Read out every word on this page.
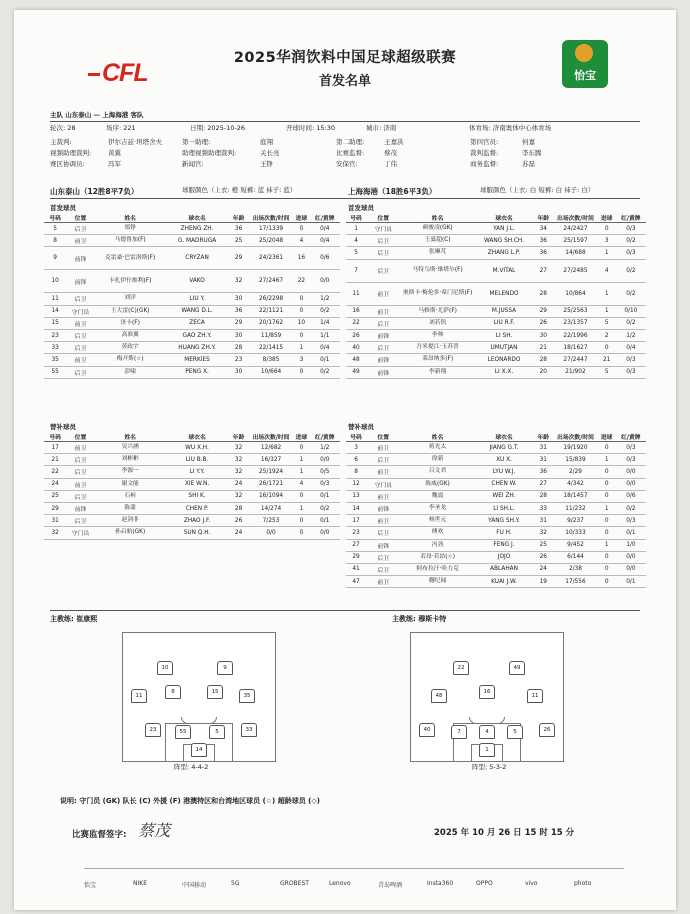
CFL
2025华润饮料中国足球超级联赛
首发名单	怡宝
主队 山东泰山 — 上海海港 客队
轮次: 28	场序: 221	日期: 2025-10-26	开球时间: 15:30	城市: 济南	体育场: 济南奥体中心体育场
主裁判:	伊尔吉兹·坦塔舍夫	第一助理:	庭翔	第二助理:	王嘉洪	第四官员:	何嘉
视频助理裁判:	黄翼	助理视频助理裁判:	关长亮	比赛监督:	蔡茂	裁判监督:	李东腾
赛区协调员:	冯军	新闻官:	王铮	安保官:	丁伟	商务监督:	苏磊
山东泰山（12胜8平7负）	球服颜色（上衣: 橙 短裤: 蓝 袜子: 蓝）	上海海港（18胜6平3负）	球服颜色（上衣: 白 短裤: 白 袜子: 白）
首发球员	首发球员
号码	位置	姓名	球衣名	年龄	出场次数/时间	进球	红/黄牌
5	后卫	郑铮	ZHENG ZH.	36	17/1339	0	0/4
8	前卫	马德鲁加(F)	G. MADRUGA	25	25/2048	4	0/4
9	前锋	克雷桑·巴雷洛斯(F)	CRYZAN	29	24/2361	16	0/6
10	前锋	卡扎伊什维利(F)	VAKO	32	27/2467	22	0/0
11	后卫	刘洋	LIU Y.	30	26/2298	0	1/2
14	守门员	王大雷(C)(GK)	WANG D.L.	36	22/1121	0	0/2
15	前卫	泽卡(F)	ZECA	29	20/1762	10	1/4
23	后卫	高准翼	GAO ZH.Y.	30	11/859	0	1/1
33	后卫	黄政宇	HUANG ZH.Y.	28	22/1415	1	0/4
35	前卫	梅开斯(☆)	MERKIES	23	8/385	3	0/1
55	后卫	彭啸	PENG X.	30	10/664	0	0/2
号码	位置	姓名	球衣名	年龄	出场次数/时间	进球	红/黄牌
1	守门员	颜骏凌(GK)	YAN J.L.	34	24/2427	0	0/3
4	后卫	王燊超(C)	WANG SH.CH.	36	25/1597	3	0/2
5	后卫	张琳芃	ZHANG L.P.	36	14/688	1	0/3
7	后卫	马特乌斯·维塔尔(F)	M.VITAL	27	27/2485	4	0/2
11	前卫	奥斯卡·梅伦多·希门尼斯(F)	MELENDO	28	10/864	1	0/2
16	前卫	马修斯·尤萨(F)	M.JUSSA	29	25/2563	1	0/10
22	后卫	刘若钒	LIU R.F.	26	23/1357	5	0/2
26	前锋	李帅	LI SH.	30	22/1996	2	1/2
40	后卫	吾米提江·玉苏普	UMUTJAN	21	18/1627	0	0/4
48	前锋	莱昂纳多(F)	LEONARDO	28	27/2447	21	0/3
49	前锋	李新翔	LI X.X.	20	21/902	5	0/3
替补球员	替补球员
号码	位置	姓名	球衣名	年龄	出场次数/时间	进球	红/黄牌
17	前卫	吴兴涵	WU X.H.	32	12/682	0	1/2
21	后卫	刘彬彬	LIU B.B.	32	16/327	1	0/0
22	后卫	李源一	LI Y.Y.	32	25/1924	1	0/5
24	前卫	谢文能	XIE W.N.	24	26/1721	4	0/3
25	后卫	石柯	SHI K.	32	16/1094	0	0/1
29	前锋	陈蒲	CHEN P.	28	14/274	1	0/2
31	后卫	赵剑非	ZHAO J.F.	26	7/253	0	0/1
32	守门员	孙启航(GK)	SUN Q.H.	24	0/0	0	0/0
号码	位置	姓名	球衣名	年龄	出场次数/时间	进球	红/黄牌
3	前卫	蒋光太	JIANG G.T.	31	19/1920	0	0/3
6	后卫	徐新	XU X.	31	15/839	1	0/3
8	前卫	吕文君	LYU W.J.	36	2/29	0	0/0
12	守门员	陈威(GK)	CHEN W.	27	4/342	0	0/0
13	前卫	魏震	WEI ZH.	28	18/1457	0	0/6
14	前锋	李圣龙	LI SH.L.	33	11/232	1	0/2
17	前卫	杨世元	YANG SH.Y.	31	9/237	0	0/3
23	后卫	傅欢	FU H.	32	10/333	0	0/1
27	前锋	冯劲	FENG J.	25	9/452	1	1/0
29	后卫	若昂·若昂(☆)	JOJO	26	6/144	0	0/0
41	后卫	阿布拉汗·哈力克	ABLAHAN	24	2/38	0	0/0
47	前卫	蒯纪闻	KUAI J.W.	19	17/556	0	0/1
主教练: 崔康熙	主教练: 穆斯卡特
10	9
11
8	15
35
23	55	5	33
14
阵型: 4-4-2
22	49
48
16
11
40	7	4	5	26
1
阵型: 5-3-2
说明: 守门员 (GK) 队长 (C) 外援 (F) 港澳特区和台湾地区球员 (☆) 超龄球员 (◇)
比赛监督签字: 蔡茂	2025 年 10 月 26 日 15 时 15 分
怡宝	NIKE	中国移动	5G	GROBEST	Lenovo	青岛啤酒	Insta360	OPPO	vivo	photo
